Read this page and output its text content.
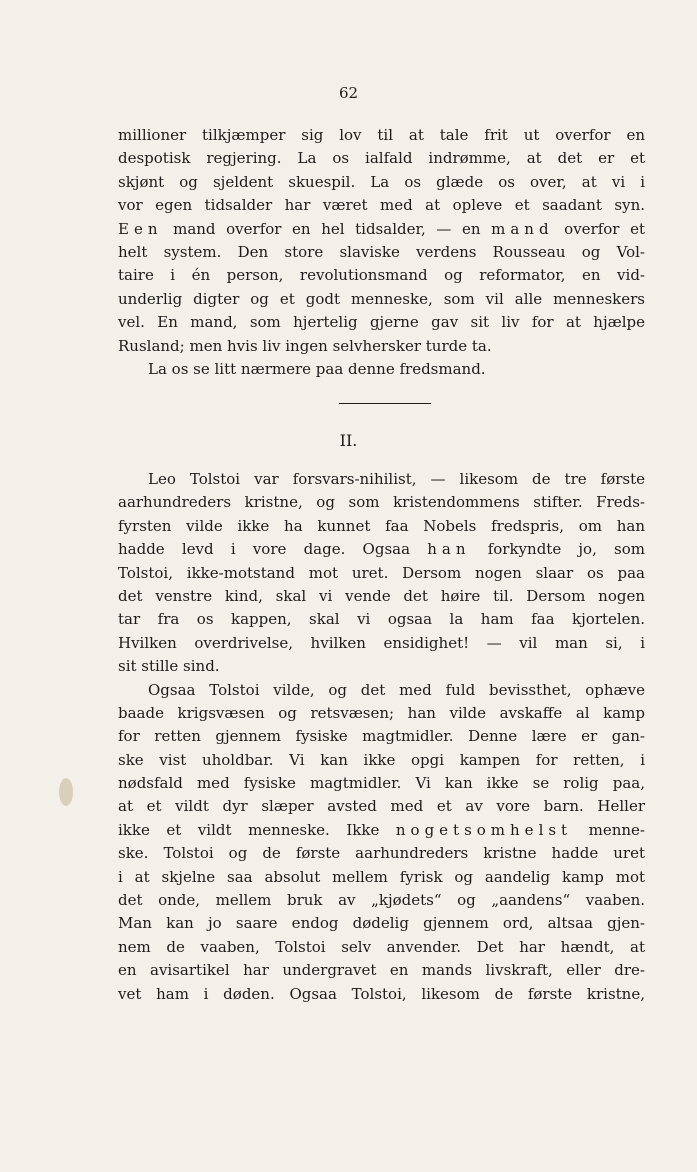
62
millioner tilkjæmper sig lov til at tale frit ut overfor en
despotisk regjering. La os ialfald indrømme, at det er et
skjønt og sjeldent skuespil. La os glæde os over, at vi i
vor egen tidsalder har været med at opleve et saadant syn.
Een mand overfor en hel tidsalder, — en mand overfor et
helt system. Den store slaviske verdens Rousseau og Vol-
taire i én person, revolutionsmand og reformator, en vid-
underlig digter og et godt menneske, som vil alle menneskers
vel. En mand, som hjertelig gjerne gav sit liv for at hjælpe
Rusland; men hvis liv ingen selvhersker turde ta.
La os se litt nærmere paa denne fredsmand.
II.
Leo Tolstoi var forsvars-nihilist, — likesom de tre første
aarhundreders kristne, og som kristendommens stifter. Freds-
fyrsten vilde ikke ha kunnet faa Nobels fredspris, om han
hadde levd i vore dage. Ogsaa han forkyndte jo, som
Tolstoi, ikke-motstand mot uret. Dersom nogen slaar os paa
det venstre kind, skal vi vende det høire til. Dersom nogen
tar fra os kappen, skal vi ogsaa la ham faa kjortelen.
Hvilken overdrivelse, hvilken ensidighet! — vil man si, i
sit stille sind.
Ogsaa Tolstoi vilde, og det med fuld bevissthet, ophæve
baade krigsvæsen og retsvæsen; han vilde avskaffe al kamp
for retten gjennem fysiske magtmidler. Denne lære er gan-
ske vist uholdbar. Vi kan ikke opgi kampen for retten, i
nødsfald med fysiske magtmidler. Vi kan ikke se rolig paa,
at et vildt dyr slæper avsted med et av vore barn. Heller
ikke et vildt menneske. Ikke nogetsomhelst menne-
ske. Tolstoi og de første aarhundreders kristne hadde uret
i at skjelne saa absolut mellem fyrisk og aandelig kamp mot
det onde, mellem bruk av „kjødets“ og „aandens“ vaaben.
Man kan jo saare endog dødelig gjennem ord, altsaa gjen-
nem de vaaben, Tolstoi selv anvender. Det har hændt, at
en avisartikel har undergravet en mands livskraft, eller dre-
vet ham i døden. Ogsaa Tolstoi, likesom de første kristne,
